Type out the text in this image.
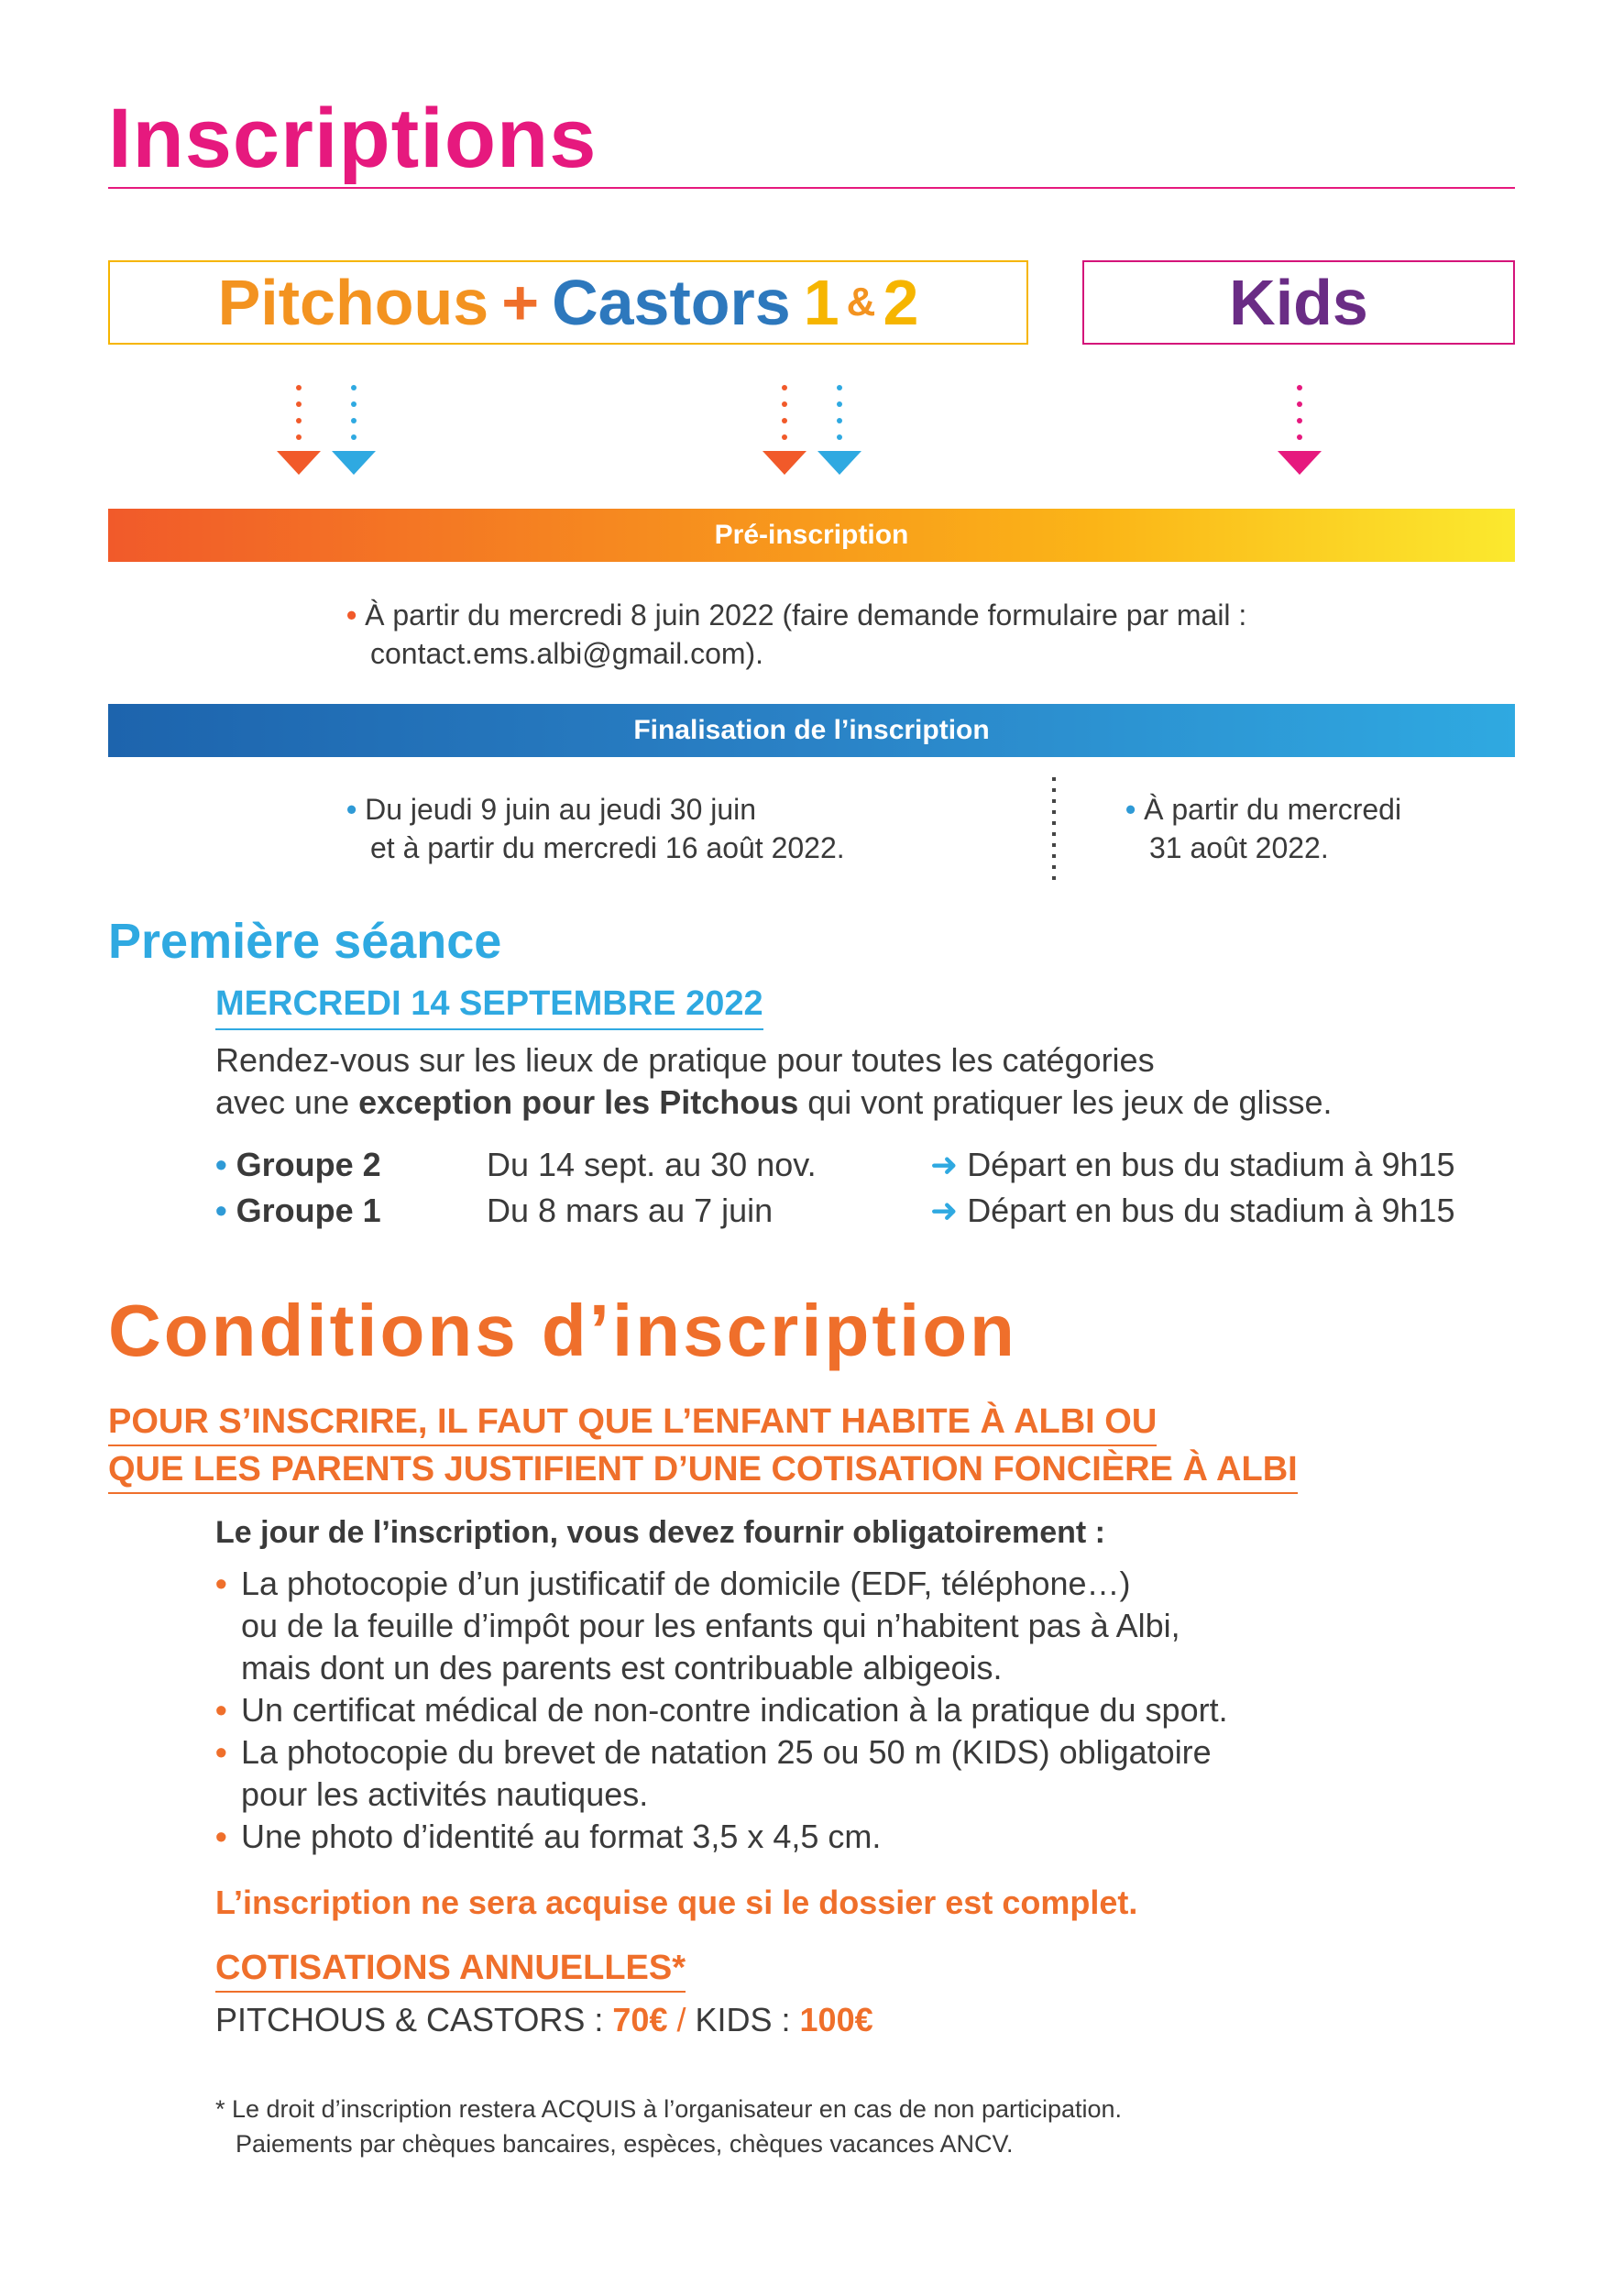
Inscriptions
Pitchous + Castors 1 & 2	Kids
Pré-inscription
• À partir du mercredi 8 juin 2022 (faire demande formulaire par mail :
contact.ems.albi@gmail.com).
Finalisation de l’inscription
• Du jeudi 9 juin au jeudi 30 juin
et à partir du mercredi 16 août 2022.
• À partir du mercredi
31 août 2022.
Première séance
MERCREDI 14 SEPTEMBRE 2022
Rendez-vous sur les lieux de pratique pour toutes les catégories
avec une exception pour les Pitchous qui vont pratiquer les jeux de glisse.
• Groupe 2	Du 14 sept. au 30 nov.	➜ Départ en bus du stadium à 9h15
• Groupe 1	Du 8 mars au 7 juin	➜ Départ en bus du stadium à 9h15
Conditions d’inscription
POUR S’INSCRIRE, IL FAUT QUE L’ENFANT HABITE À ALBI OU
QUE LES PARENTS JUSTIFIENT D’UNE COTISATION FONCIÈRE À ALBI
Le jour de l’inscription, vous devez fournir obligatoirement :
• La photocopie d’un justificatif de domicile (EDF, téléphone…)
ou de la feuille d’impôt pour les enfants qui n’habitent pas à Albi,
mais dont un des parents est contribuable albigeois.
• Un certificat médical de non-contre indication à la pratique du sport.
• La photocopie du brevet de natation 25 ou 50 m (KIDS) obligatoire
pour les activités nautiques.
• Une photo d’identité au format 3,5 x 4,5 cm.
L’inscription ne sera acquise que si le dossier est complet.
COTISATIONS ANNUELLES*
PITCHOUS & CASTORS : 70€ / KIDS : 100€
* Le droit d’inscription restera ACQUIS à l’organisateur en cas de non participation.
Paiements par chèques bancaires, espèces, chèques vacances ANCV.
